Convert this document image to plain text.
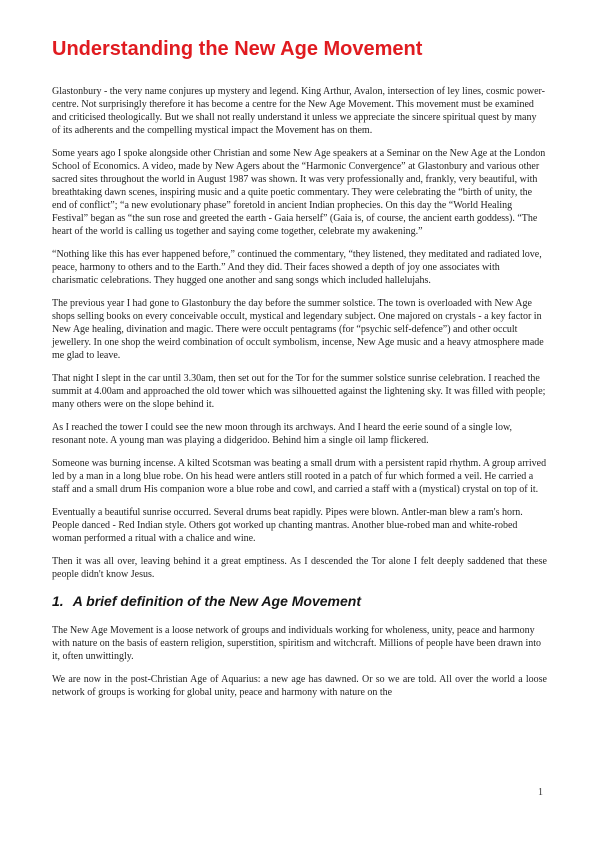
Understanding the New Age Movement

Glastonbury - the very name conjures up mystery and legend. King Arthur, Avalon, intersection of ley lines, cosmic power-centre. Not surprisingly therefore it has become a centre for the New Age Movement. This movement must be examined and criticised theologically. But we shall not really understand it unless we appreciate the sincere spiritual quest by many of its adherents and the compelling mystical impact the Movement has on them.

Some years ago I spoke alongside other Christian and some New Age speakers at a Seminar on the New Age at the London School of Economics. A video, made by New Agers about the “Harmonic Convergence” at Glastonbury and various other sacred sites throughout the world in August 1987 was shown. It was very professionally and, frankly, very beautiful, with breathtaking dawn scenes, inspiring music and a quite poetic commentary. They were celebrating the “birth of unity, the end of conflict”; “a new evolutionary phase” foretold in ancient Indian prophecies. On this day the “World Healing Festival” began as “the sun rose and greeted the earth - Gaia herself” (Gaia is, of course, the ancient earth goddess). “The heart of the world is calling us together and saying come together, celebrate my awakening.”

“Nothing like this has ever happened before,” continued the commentary, “they listened, they meditated and radiated love, peace, harmony to others and to the Earth.” And they did. Their faces showed a depth of joy one associates with charismatic celebrations. They hugged one another and sang songs which included hallelujahs.

The previous year I had gone to Glastonbury the day before the summer solstice. The town is overloaded with New Age shops selling books on every conceivable occult, mystical and legendary subject. One majored on crystals - a key factor in New Age healing, divination and magic. There were occult pentagrams (for “psychic self-defence”) and other occult jewellery. In one shop the weird combination of occult symbolism, incense, New Age music and a heavy atmosphere made me glad to leave.

That night I slept in the car until 3.30am, then set out for the Tor for the summer solstice sunrise celebration. I reached the summit at 4.00am and approached the old tower which was silhouetted against the lightening sky. It was filled with people; many others were on the slope behind it.

As I reached the tower I could see the new moon through its archways. And I heard the eerie sound of a single low, resonant note. A young man was playing a didgeridoo. Behind him a single oil lamp flickered.

Someone was burning incense. A kilted Scotsman was beating a small drum with a persistent rapid rhythm. A group arrived led by a man in a long blue robe. On his head were antlers still rooted in a patch of fur which formed a veil. He carried a staff and a small drum His companion wore a blue robe and cowl, and carried a staff with a (mystical) crystal on top of it.

Eventually a beautiful sunrise occurred. Several drums beat rapidly. Pipes were blown. Antler-man blew a ram's horn. People danced - Red Indian style. Others got worked up chanting mantras. Another blue-robed man and white-robed woman performed a ritual with a chalice and wine.

Then it was all over, leaving behind it a great emptiness. As I descended the Tor alone I felt deeply saddened that these people didn't know Jesus.

1. A brief definition of the New Age Movement

The New Age Movement is a loose network of groups and individuals working for wholeness, unity, peace and harmony with nature on the basis of eastern religion, superstition, spiritism and witchcraft. Millions of people have been drawn into it, often unwittingly.

We are now in the post-Christian Age of Aquarius: a new age has dawned. Or so we are told. All over the world a loose network of groups is working for global unity, peace and harmony with nature on the

1
